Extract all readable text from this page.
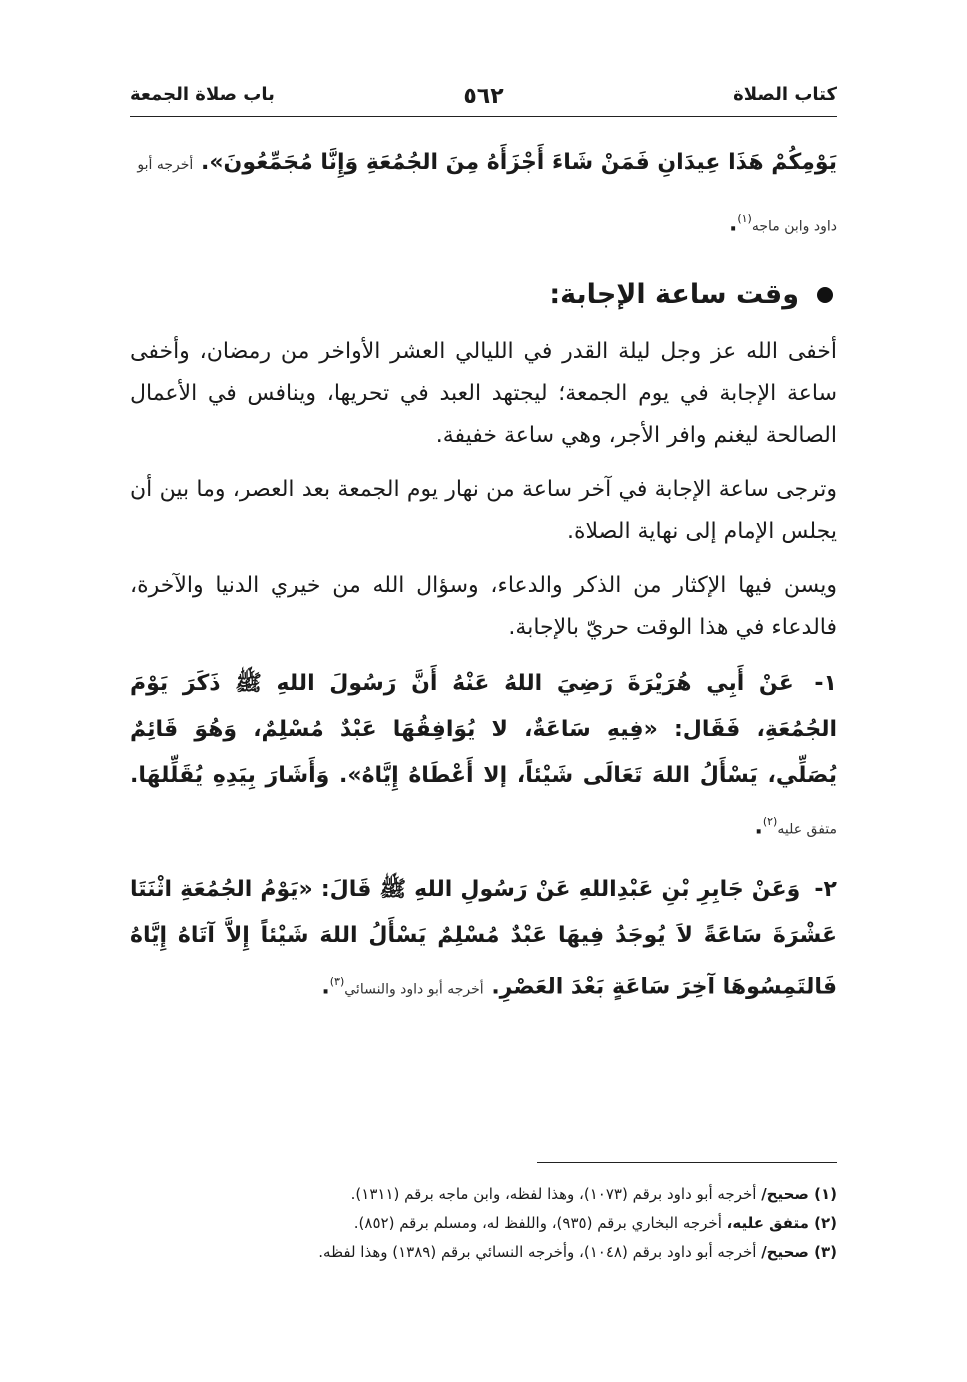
كتاب الصلاة
٥٦٢
باب صلاة الجمعة
يَوْمِكُمْ هَذَا عِيدَانِ فَمَنْ شَاءَ أَجْزَأَهُ مِنَ الجُمُعَةِ وَإِنَّا مُجَمِّعُونَ». أخرجه أبو داود وابن ماجه$^{(١)}$.
وقت ساعة الإجابة:

أخفى الله عز وجل ليلة القدر في الليالي العشر الأواخر من رمضان، وأخفى ساعة الإجابة في يوم الجمعة؛ ليجتهد العبد في تحريها، وينافس في الأعمال الصالحة ليغنم وافر الأجر، وهي ساعة خفيفة.

وترجى ساعة الإجابة في آخر ساعة من نهار يوم الجمعة بعد العصر، وما بين أن يجلس الإمام إلى نهاية الصلاة.

ويسن فيها الإكثار من الذكر والدعاء، وسؤال الله من خيري الدنيا والآخرة، فالدعاء في هذا الوقت حريّ بالإجابة.

١- عَنْ أَبِي هُرَيْرَةَ رَضِيَ اللهُ عَنْهُ أَنَّ رَسُولَ اللهِ ﷺ ذَكَرَ يَوْمَ الجُمُعَةِ، فَقَال: «فِيهِ سَاعَةٌ، لا يُوَافِقُهَا عَبْدٌ مُسْلِمٌ، وَهُوَ قَائِمٌ يُصَلِّي، يَسْأَلُ اللهَ تَعَالَى شَيْئاً، إلا أَعْطَاهُ إِيَّاهُ». وَأَشَارَ بِيَدِهِ يُقَلِّلهَا. متفق عليه$^{(٢)}$.

٢- وَعَنْ جَابِرِ بْنِ عَبْدِاللهِ عَنْ رَسُولِ اللهِ ﷺ قَالَ: «يَوْمُ الجُمُعَةِ اثْنَتَا عَشْرَةَ سَاعَةً لاَ يُوجَدُ فِيهَا عَبْدٌ مُسْلِمٌ يَسْأَلُ اللهَ شَيْئاً إِلاَّ آتَاهُ إِيَّاهُ فَالتَمِسُوهَا آخِرَ سَاعَةٍ بَعْدَ العَصْرِ. أخرجه أبو داود والنسائي$^{(٣)}$.

(١) صحيح/ أخرجه أبو داود برقم (١٠٧٣)، وهذا لفظه، وابن ماجه برقم (١٣١١).
(٢) متفق عليه، أخرجه البخاري برقم (٩٣٥)، واللفظ له، ومسلم برقم (٨٥٢).
(٣) صحيح/ أخرجه أبو داود برقم (١٠٤٨)، وأخرجه النسائي برقم (١٣٨٩) وهذا لفظه.
